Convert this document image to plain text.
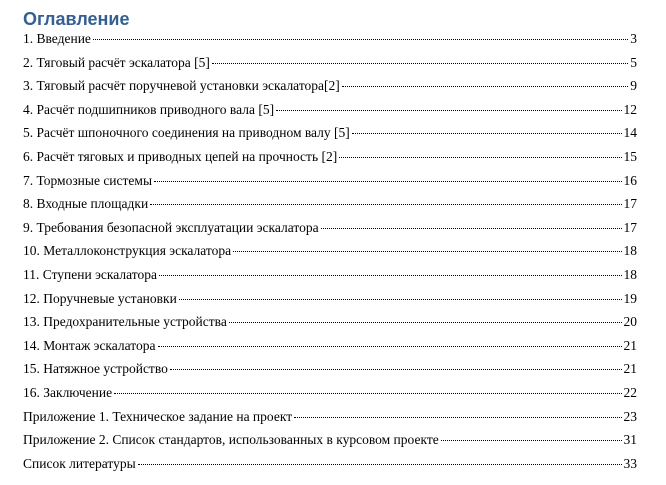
Оглавление
1. Введение	3
2. Тяговый расчёт эскалатора [5]	5
3. Тяговый расчёт поручневой установки эскалатора[2]	9
4. Расчёт подшипников приводного вала [5]	12
5. Расчёт шпоночного соединения на приводном валу [5]	14
6. Расчёт тяговых и приводных цепей на прочность [2]	15
7. Тормозные системы	16
8. Входные площадки	17
9. Требования безопасной эксплуатации эскалатора	17
10. Металлоконструкция эскалатора	18
11. Ступени эскалатора	18
12. Поручневые установки	19
13. Предохранительные устройства	20
14. Монтаж эскалатора	21
15. Натяжное устройство	21
16. Заключение	22
Приложение 1. Техническое задание на проект	23
Приложение 2. Список стандартов, использованных в курсовом проекте	31
Список литературы	33
